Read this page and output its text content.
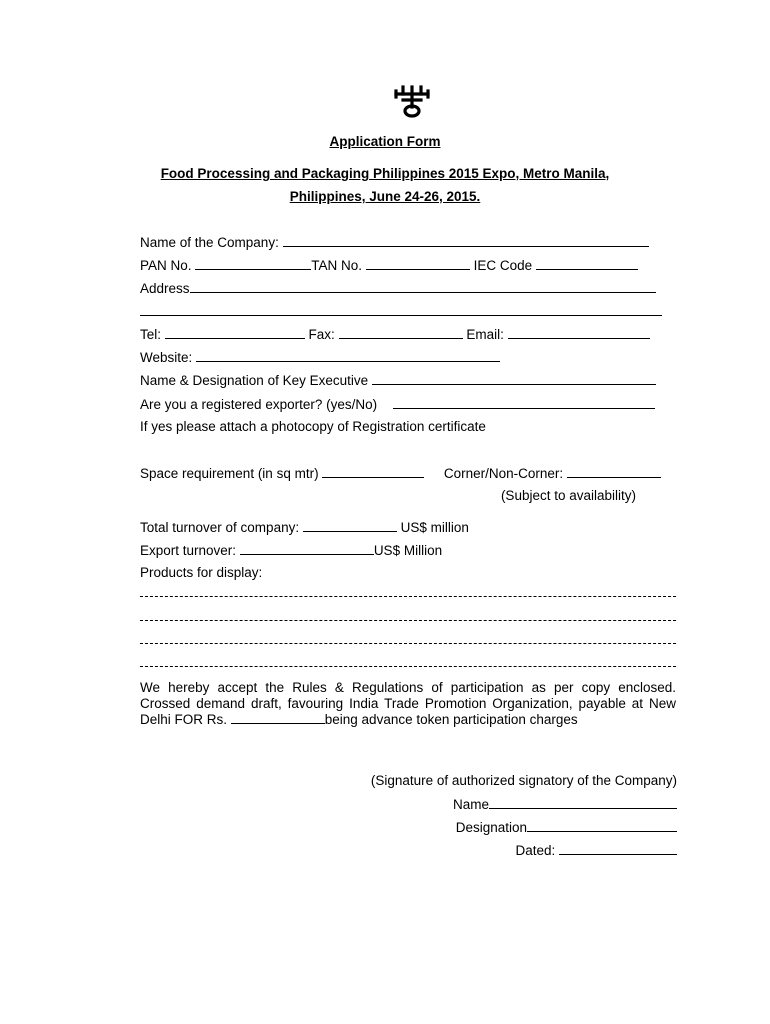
Application Form
Food Processing and Packaging Philippines 2015 Expo, Metro Manila,
Philippines, June 24-26, 2015.
Name of the Company:
PAN No.	TAN No.	IEC Code
Address
Tel:	Fax:	Email:
Website:
Name & Designation of Key Executive
Are you a registered exporter? (yes/No)
If yes please attach a photocopy of Registration certificate
Space requirement (in sq mtr)	Corner/Non-Corner:
(Subject to availability)
Total turnover of company:	US$ million
Export turnover:	US$ Million
Products for display:
We hereby accept the Rules & Regulations of participation as per copy enclosed. Crossed demand draft, favouring India Trade Promotion Organization, payable at New Delhi FOR Rs.	being advance token participation charges
(Signature of authorized signatory of the Company)
Name
Designation
Dated:
